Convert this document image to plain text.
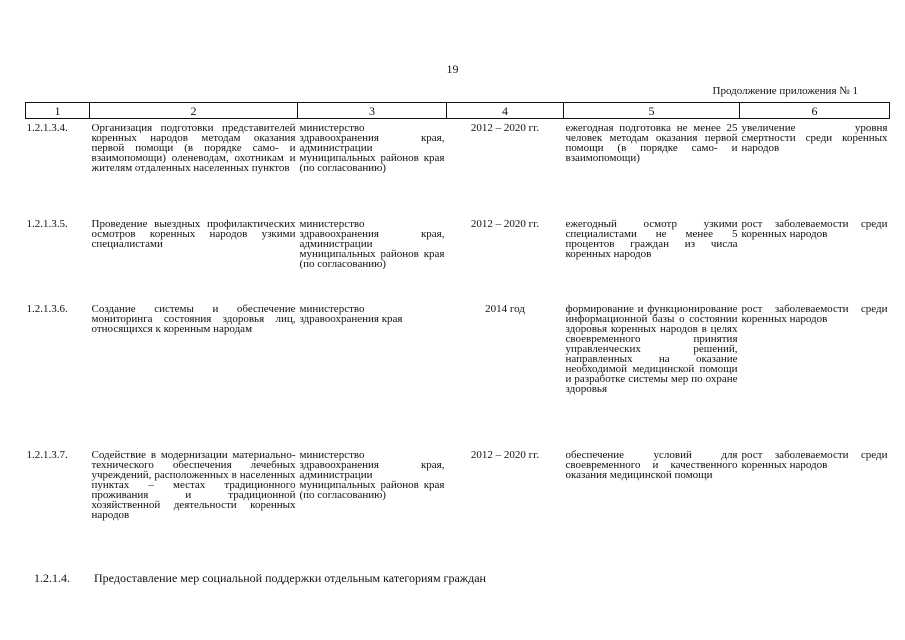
19
Продолжение приложения № 1
1	2	3	4	5	6
1.2.1.3.4.	Организация подготовки представителей коренных народов методам оказания первой помощи (в порядке само- и взаимопомощи) оленеводам, охотникам и жителям отдаленных населенных пунктов	министерство здравоохранения края, администрации муниципальных районов края (по согласованию)	2012 – 2020 гг.	ежегодная подготовка не менее 25 человек методам оказания первой помощи (в порядке само- и взаимопомощи)	увеличение уровня смертности среди коренных народов
1.2.1.3.5.	Проведение выездных профилактических осмотров коренных народов узкими специалистами	министерство здравоохранения края, администрации муниципальных районов края (по согласованию)	2012 – 2020 гг.	ежегодный осмотр узкими специалистами не менее 5 процентов граждан из числа коренных народов	рост заболеваемости среди коренных народов
1.2.1.3.6.	Создание системы и обеспечение мониторинга состояния здоровья лиц, относящихся к коренным народам	министерство здравоохранения края	2014 год	формирование и функционирование информационной базы о состоянии здоровья коренных народов в целях своевременного принятия управленческих решений, направленных на оказание необходимой медицинской помощи и разработке системы мер по охране здоровья	рост заболеваемости среди коренных народов
1.2.1.3.7.	Содействие в модернизации материально-технического обеспечения лечебных учреждений, расположенных в населенных пунктах – местах традиционного проживания и традиционной хозяйственной деятельности коренных народов	министерство здравоохранения края, администрации муниципальных районов края (по согласованию)	2012 – 2020 гг.	обеспечение условий для своевременного и качественного оказания медицинской помощи	рост заболеваемости среди коренных народов
1.2.1.4. Предоставление мер социальной поддержки отдельным категориям граждан
